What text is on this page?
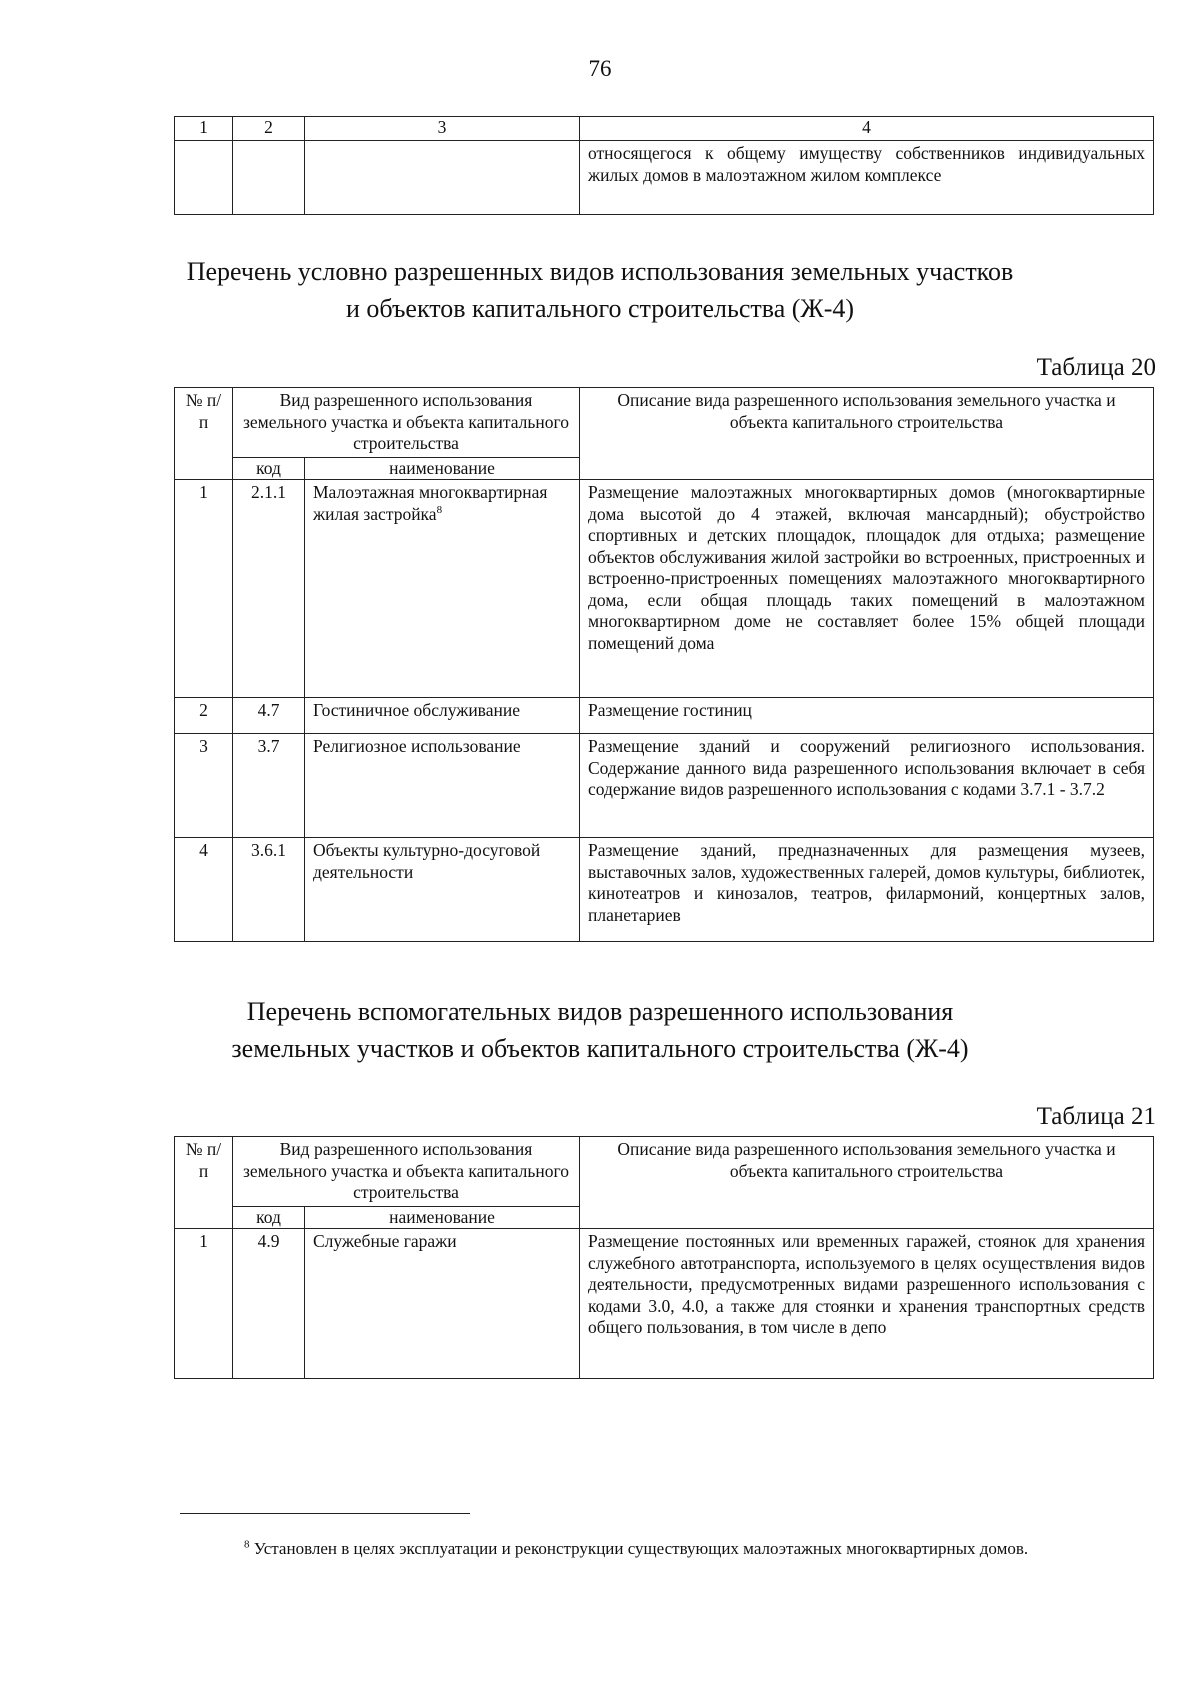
76
1	2	3	4
			относящегося к общему имуществу собственников индивидуальных жилых домов в малоэтажном жилом комплексе
Перечень условно разрешенных видов использования земельных участков
и объектов капитального строительства (Ж-4)
Таблица 20
№ п/п	Вид разрешенного использования земельного участка и объекта капитального строительства		Описание вида разрешенного использования земельного участка и объекта капитального строительства
	код	наименование	
1	2.1.1	Малоэтажная многоквартирная жилая застройка$^8$	Размещение малоэтажных многоквартирных домов (многоквартирные дома высотой до 4 этажей, включая мансардный); обустройство спортивных и детских площадок, площадок для отдыха; размещение объектов обслуживания жилой застройки во встроенных, пристроенных и встроенно-пристроенных помещениях малоэтажного многоквартирного дома, если общая площадь таких помещений в малоэтажном многоквартирном доме не составляет более 15% общей площади помещений дома
2	4.7	Гостиничное обслуживание	Размещение гостиниц
3	3.7	Религиозное использование	Размещение зданий и сооружений религиозного использования. Содержание данного вида разрешенного использования включает в себя содержание видов разрешенного использования с кодами 3.7.1 - 3.7.2
4	3.6.1	Объекты культурно-досуговой деятельности	Размещение зданий, предназначенных для размещения музеев, выставочных залов, художественных галерей, домов культуры, библиотек, кинотеатров и кинозалов, театров, филармоний, концертных залов, планетариев
Перечень вспомогательных видов разрешенного использования
земельных участков и объектов капитального строительства (Ж-4)
Таблица 21
№ п/п	Вид разрешенного использования земельного участка и объекта капитального строительства		Описание вида разрешенного использования земельного участка и объекта капитального строительства
	код	наименование	
1	4.9	Служебные гаражи	Размещение постоянных или временных гаражей, стоянок для хранения служебного автотранспорта, используемого в целях осуществления видов деятельности, предусмотренных видами разрешенного использования с кодами 3.0, 4.0, а также для стоянки и хранения транспортных средств общего пользования, в том числе в депо
$^8$ Установлен в целях эксплуатации и реконструкции существующих малоэтажных многоквартирных домов.
